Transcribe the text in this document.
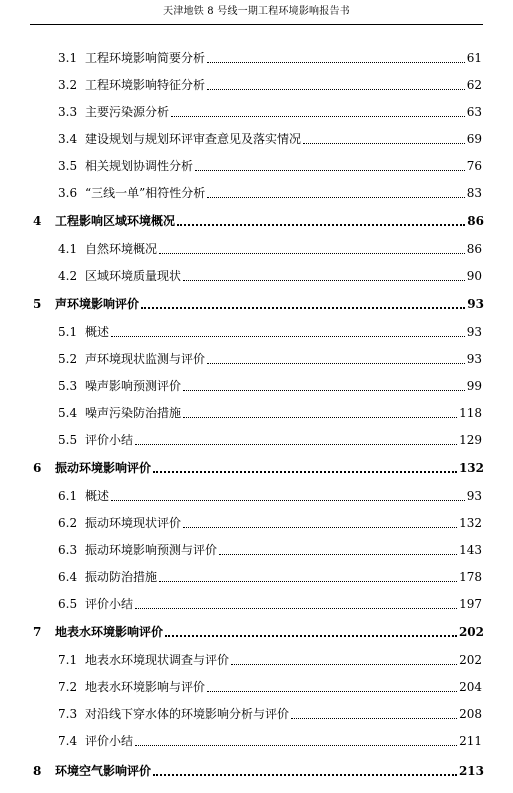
天津地铁 8 号线一期工程环境影响报告书
3.1 工程环境影响简要分析	61
3.2 工程环境影响特征分析	62
3.3 主要污染源分析	63
3.4 建设规划与规划环评审查意见及落实情况	69
3.5 相关规划协调性分析	76
3.6 “三线一单”相符性分析	83
4	工程影响区域环境概况	86
4.1 自然环境概况	86
4.2 区域环境质量现状	90
5	声环境影响评价	93
5.1 概述	93
5.2 声环境现状监测与评价	93
5.3 噪声影响预测评价	99
5.4 噪声污染防治措施	118
5.5 评价小结	129
6	振动环境影响评价	132
6.1 概述	93
6.2 振动环境现状评价	132
6.3 振动环境影响预测与评价	143
6.4 振动防治措施	178
6.5 评价小结	197
7	地表水环境影响评价	202
7.1 地表水环境现状调查与评价	202
7.2 地表水环境影响与评价	204
7.3 对沿线下穿水体的环境影响分析与评价	208
7.4 评价小结	211
8	环境空气影响评价	213
